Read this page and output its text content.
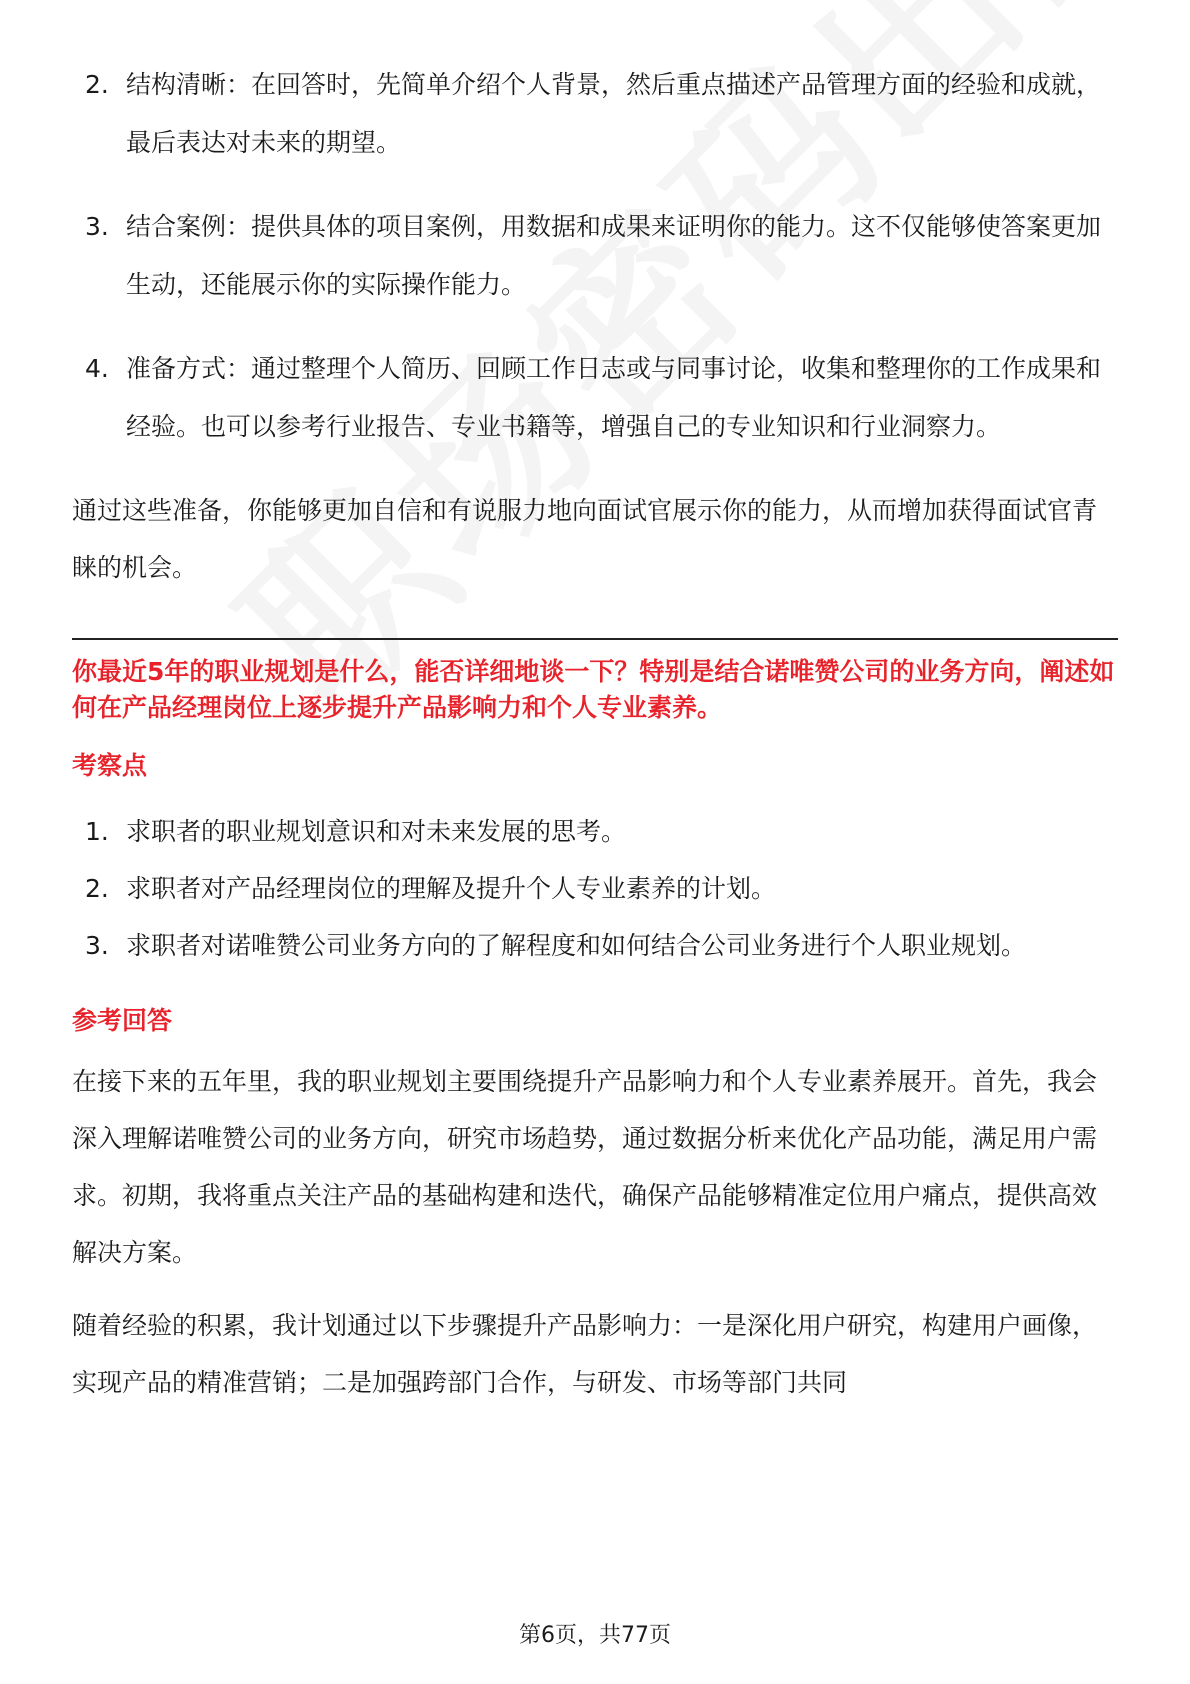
2. 结构清晰：在回答时，先简单介绍个人背景，然后重点描述产品管理方面的经验和成就，最后表达对未来的期望。
3. 结合案例：提供具体的项目案例，用数据和成果来证明你的能力。这不仅能够使答案更加生动，还能展示你的实际操作能力。
4. 准备方式：通过整理个人简历、回顾工作日志或与同事讨论，收集和整理你的工作成果和经验。也可以参考行业报告、专业书籍等，增强自己的专业知识和行业洞察力。

通过这些准备，你能够更加自信和有说服力地向面试官展示你的能力，从而增加获得面试官青睐的机会。

你最近5年的职业规划是什么，能否详细地谈一下？特别是结合诺唯赞公司的业务方向，阐述如何在产品经理岗位上逐步提升产品影响力和个人专业素养。

考察点
1. 求职者的职业规划意识和对未来发展的思考。
2. 求职者对产品经理岗位的理解及提升个人专业素养的计划。
3. 求职者对诺唯赞公司业务方向的了解程度和如何结合公司业务进行个人职业规划。
参考回答

在接下来的五年里，我的职业规划主要围绕提升产品影响力和个人专业素养展开。首先，我会深入理解诺唯赞公司的业务方向，研究市场趋势，通过数据分析来优化产品功能，满足用户需求。初期，我将重点关注产品的基础构建和迭代，确保产品能够精准定位用户痛点，提供高效解决方案。

随着经验的积累，我计划通过以下步骤提升产品影响力：一是深化用户研究，构建用户画像，实现产品的精准营销；二是加强跨部门合作，与研发、市场等部门共同

第6页，共77页
